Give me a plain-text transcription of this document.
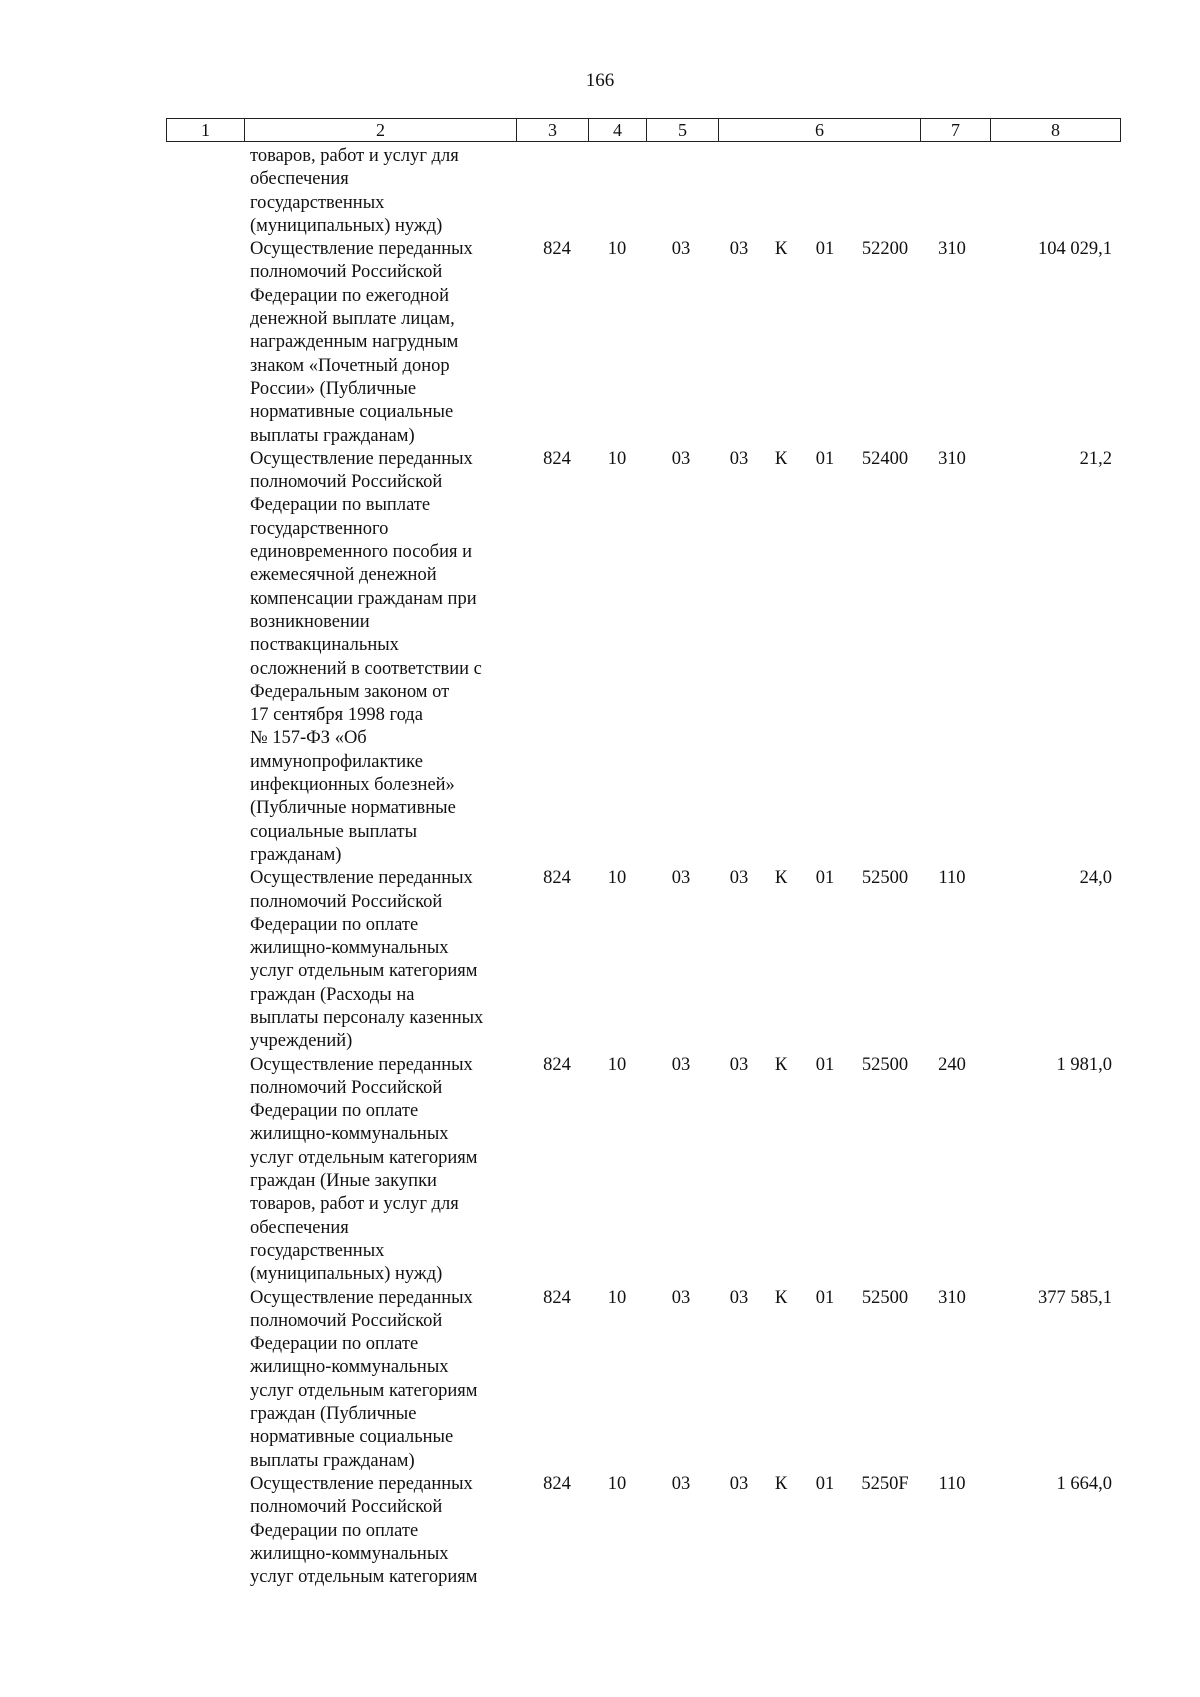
166
1	2	3	4	5	6	7	8
товаров, работ и услуг для
обеспечения
государственных
(муниципальных) нужд)
Осуществление переданных
полномочий Российской
Федерации по ежегодной
денежной выплате лицам,
награжденным нагрудным
знаком «Почетный донор
России» (Публичные
нормативные социальные
выплаты гражданам)
824	10	03	03	К	01	52200	310	104 029,1
Осуществление переданных
полномочий Российской
Федерации по выплате
государственного
единовременного пособия и
ежемесячной денежной
компенсации гражданам при
возникновении
поствакцинальных
осложнений в соответствии с
Федеральным законом от
17 сентября 1998 года
№ 157-ФЗ «Об
иммунопрофилактике
инфекционных болезней»
(Публичные нормативные
социальные выплаты
гражданам)
824	10	03	03	К	01	52400	310	21,2
Осуществление переданных
полномочий Российской
Федерации по оплате
жилищно-коммунальных
услуг отдельным категориям
граждан (Расходы на
выплаты персоналу казенных
учреждений)
824	10	03	03	К	01	52500	110	24,0
Осуществление переданных
полномочий Российской
Федерации по оплате
жилищно-коммунальных
услуг отдельным категориям
граждан (Иные закупки
товаров, работ и услуг для
обеспечения
государственных
(муниципальных) нужд)
824	10	03	03	К	01	52500	240	1 981,0
Осуществление переданных
полномочий Российской
Федерации по оплате
жилищно-коммунальных
услуг отдельным категориям
граждан (Публичные
нормативные социальные
выплаты гражданам)
824	10	03	03	К	01	52500	310	377 585,1
Осуществление переданных
полномочий Российской
Федерации по оплате
жилищно-коммунальных
услуг отдельным категориям
824	10	03	03	К	01	5250F	110	1 664,0
